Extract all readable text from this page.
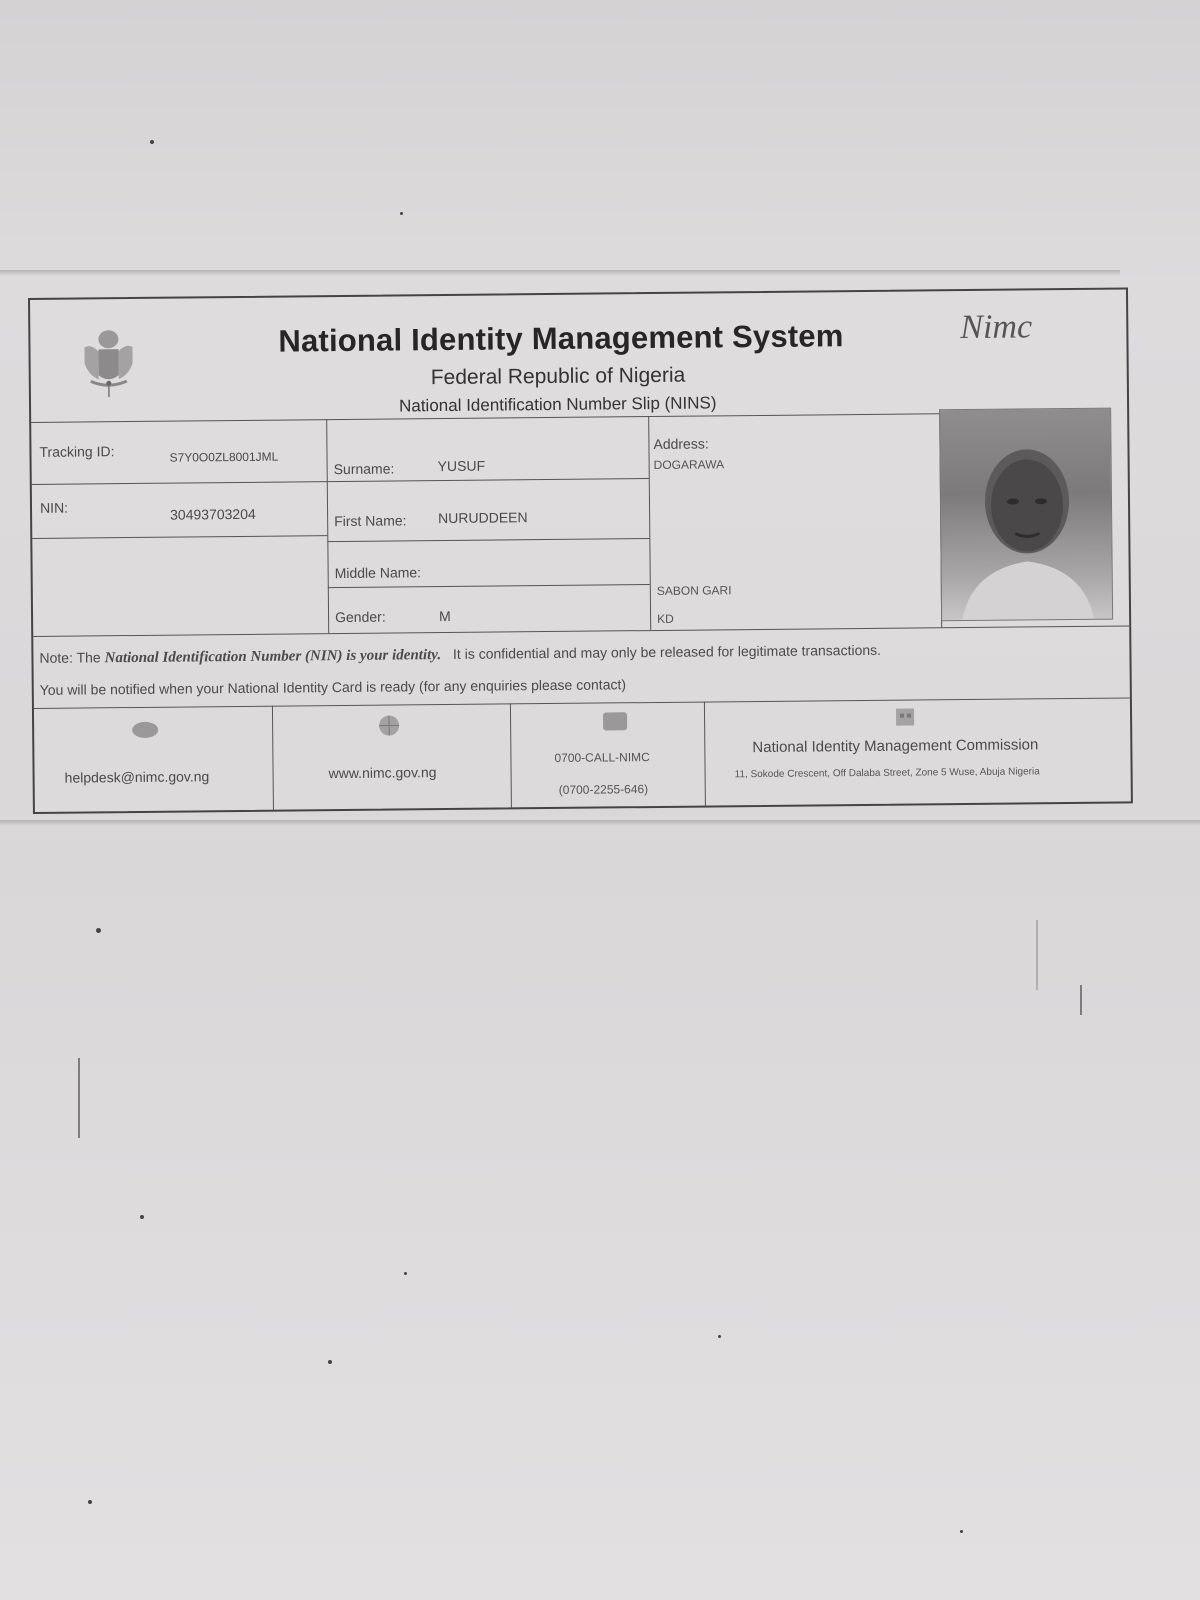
National Identity Management System
Federal Republic of Nigeria
National Identification Number Slip (NINS)
Nimc
Tracking ID:	S7Y0O0ZL8001JML
NIN:	30493703204
Surname:	YUSUF
First Name: NURUDDEEN
Middle Name:
Gender:	M
Address:
DOGARAWA
SABON GARI
KD
Note: The National Identification Number (NIN) is your identity. It is confidential and may only be released for legitimate transactions.
You will be notified when your National Identity Card is ready (for any enquiries please contact)
helpdesk@nimc.gov.ng	www.nimc.gov.ng
0700-CALL-NIMC
(0700-2255-646)
National Identity Management Commission
11, Sokode Crescent, Off Dalaba Street, Zone 5 Wuse, Abuja Nigeria
